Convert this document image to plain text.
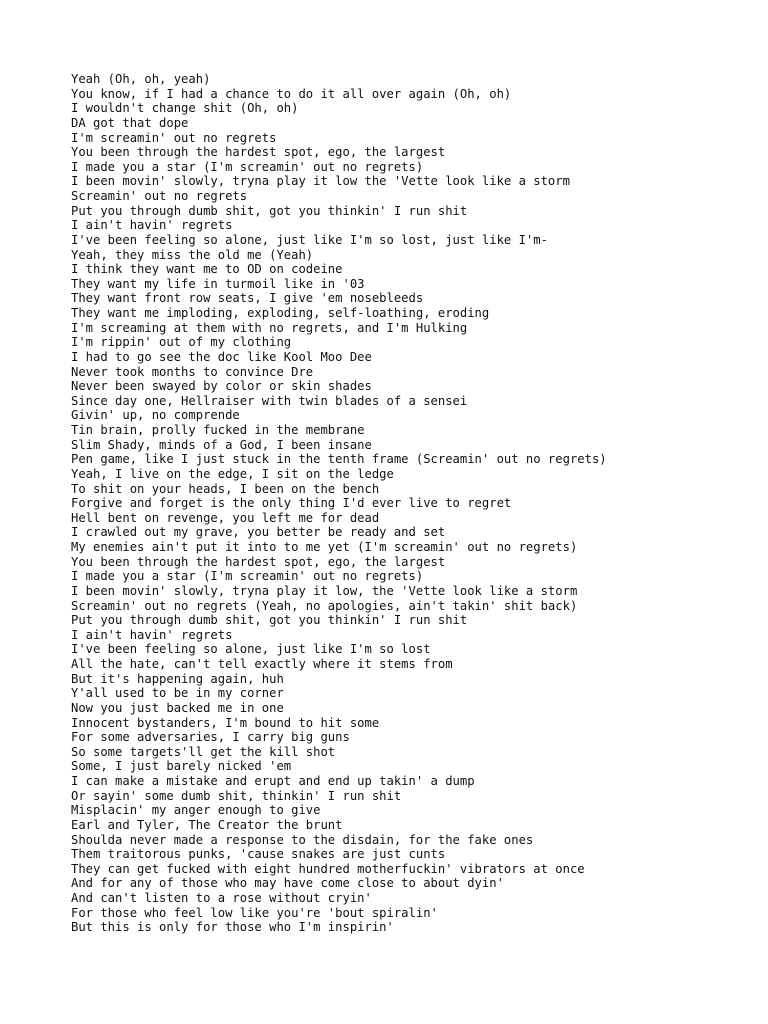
Yeah (Oh, oh, yeah)
You know, if I had a chance to do it all over again (Oh, oh)
I wouldn't change shit (Oh, oh)
DA got that dope
I'm screamin' out no regrets
You been through the hardest spot, ego, the largest
I made you a star (I'm screamin' out no regrets)
I been movin' slowly, tryna play it low the 'Vette look like a storm
Screamin' out no regrets
Put you through dumb shit, got you thinkin' I run shit
I ain't havin' regrets
I've been feeling so alone, just like I'm so lost, just like I'm-
Yeah, they miss the old me (Yeah)
I think they want me to OD on codeine
They want my life in turmoil like in '03
They want front row seats, I give 'em nosebleeds
They want me imploding, exploding, self-loathing, eroding
I'm screaming at them with no regrets, and I'm Hulking
I'm rippin' out of my clothing
I had to go see the doc like Kool Moo Dee
Never took months to convince Dre
Never been swayed by color or skin shades
Since day one, Hellraiser with twin blades of a sensei
Givin' up, no comprende
Tin brain, prolly fucked in the membrane
Slim Shady, minds of a God, I been insane
Pen game, like I just stuck in the tenth frame (Screamin' out no regrets)
Yeah, I live on the edge, I sit on the ledge
To shit on your heads, I been on the bench
Forgive and forget is the only thing I'd ever live to regret
Hell bent on revenge, you left me for dead
I crawled out my grave, you better be ready and set
My enemies ain't put it into to me yet (I'm screamin' out no regrets)
You been through the hardest spot, ego, the largest
I made you a star (I'm screamin' out no regrets)
I been movin' slowly, tryna play it low, the 'Vette look like a storm
Screamin' out no regrets (Yeah, no apologies, ain't takin' shit back)
Put you through dumb shit, got you thinkin' I run shit
I ain't havin' regrets
I've been feeling so alone, just like I'm so lost
All the hate, can't tell exactly where it stems from
But it's happening again, huh
Y'all used to be in my corner
Now you just backed me in one
Innocent bystanders, I'm bound to hit some
For some adversaries, I carry big guns
So some targets'll get the kill shot
Some, I just barely nicked 'em
I can make a mistake and erupt and end up takin' a dump
Or sayin' some dumb shit, thinkin' I run shit
Misplacin' my anger enough to give
Earl and Tyler, The Creator the brunt
Shoulda never made a response to the disdain, for the fake ones
Them traitorous punks, 'cause snakes are just cunts
They can get fucked with eight hundred motherfuckin' vibrators at once
And for any of those who may have come close to about dyin'
And can't listen to a rose without cryin'
For those who feel low like you're 'bout spiralin'
But this is only for those who I'm inspirin'
